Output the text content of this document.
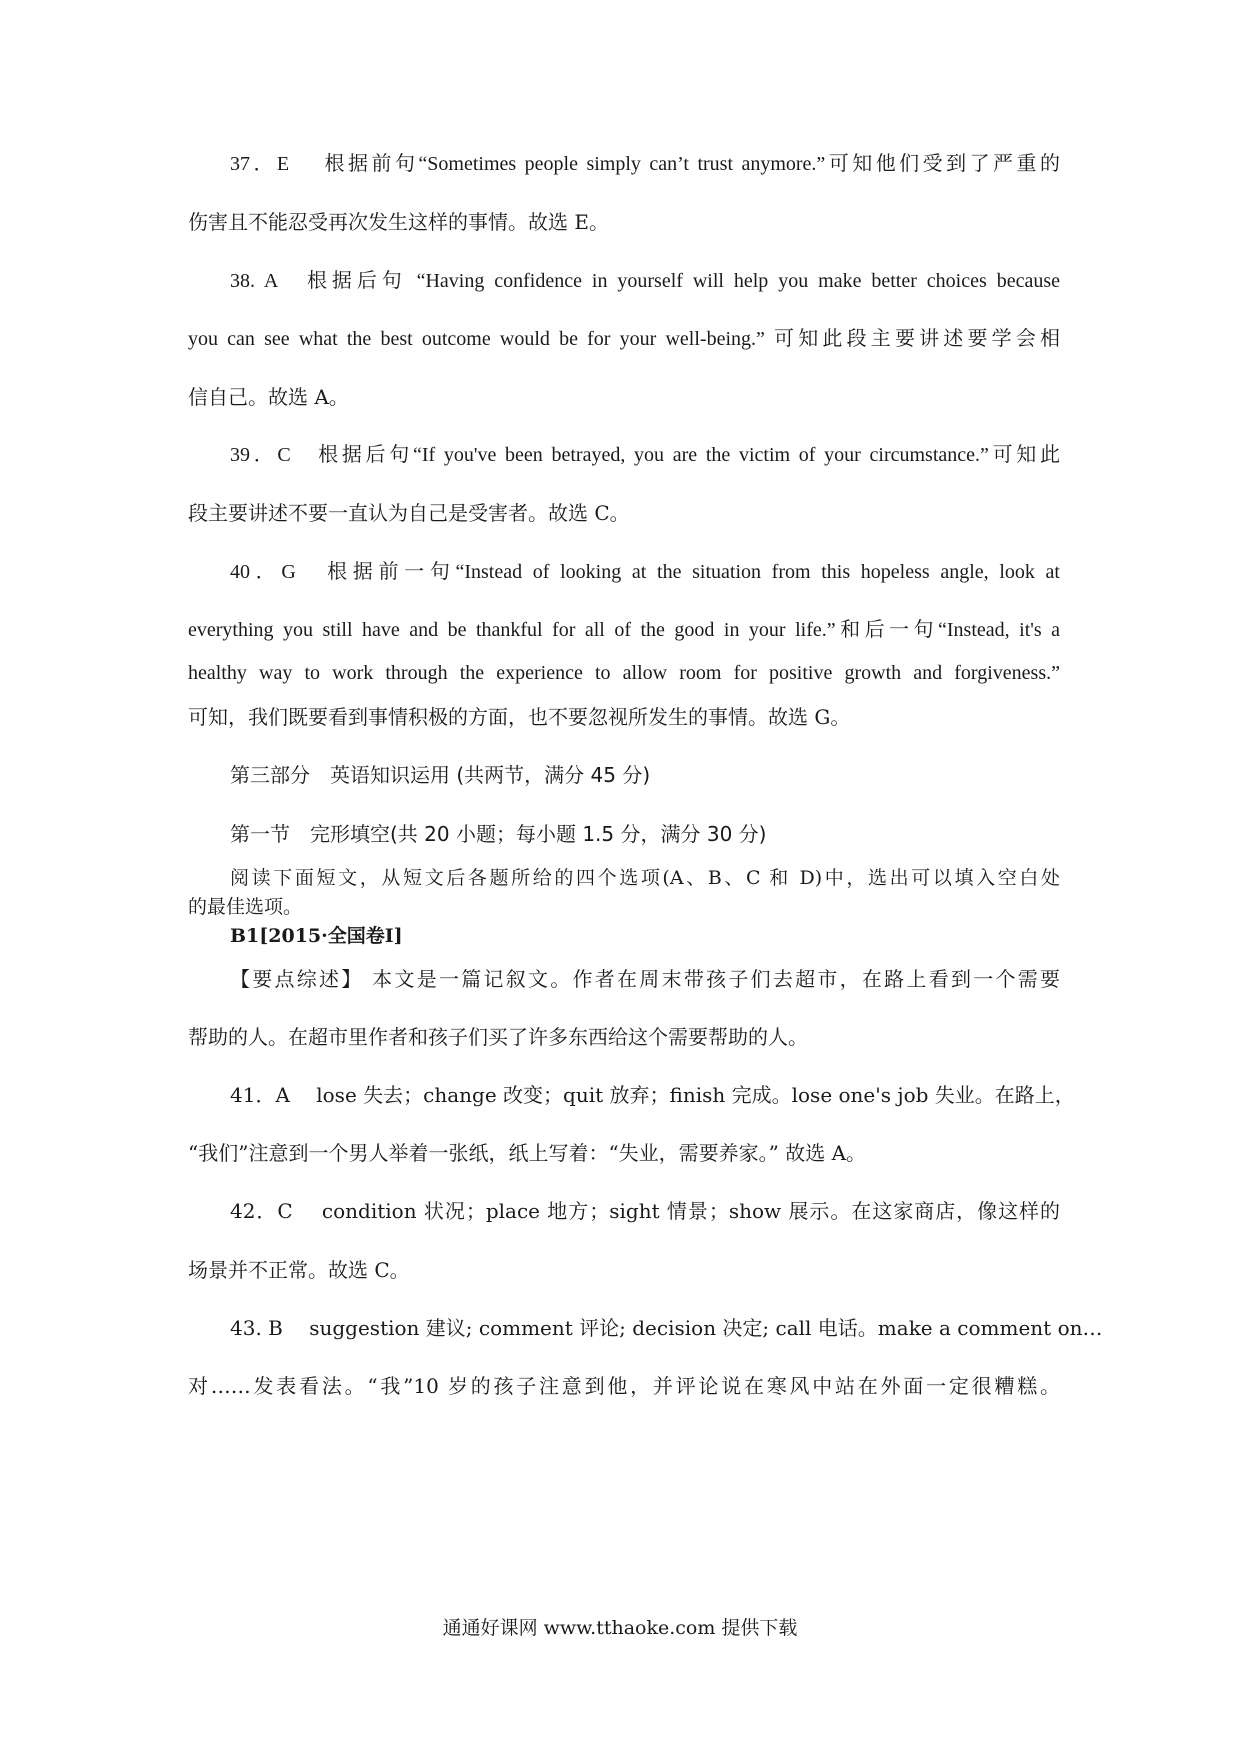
37．E　 根据前句“Sometimes people simply can’t trust anymore.”可知他们受到了严重的
伤害且不能忍受再次发生这样的事情。故选 E。
38. A　根据后句 “Having confidence in yourself will help you make better choices because
you can see what the best outcome would be for your well-being.” 可知此段主要讲述要学会相
信自己。故选 A。
39．C　根据后句“If you've been betrayed, you are the victim of your circumstance.”可知此
段主要讲述不要一直认为自己是受害者。故选 C。
40．G　根据前一句“Instead of looking at the situation from this hopeless angle, look at
everything you still have and be thankful for all of the good in your life.”和后一句“Instead, it's a
healthy way to work through the experience to allow room for positive growth and forgiveness.”
可知，我们既要看到事情积极的方面，也不要忽视所发生的事情。故选 G。
第三部分　英语知识运用 (共两节，满分 45 分)
第一节　完形填空(共 20 小题；每小题 1.5 分，满分 30 分)
阅读下面短文，从短文后各题所给的四个选项(A、B、C 和 D)中，选出可以填入空白处
的最佳选项。
B1[2015·全国卷Ⅰ]
【要点综述】 本文是一篇记叙文。作者在周末带孩子们去超市，在路上看到一个需要
帮助的人。在超市里作者和孩子们买了许多东西给这个需要帮助的人。
41．A　 lose 失去；change 改变；quit 放弃；finish 完成。lose one's job 失业。在路上，
“我们”注意到一个男人举着一张纸，纸上写着：“失业，需要养家。” 故选 A。
42．C　 condition 状况；place 地方；sight 情景；show 展示。在这家商店，像这样的
场景并不正常。故选 C。
43. B　 suggestion 建议; comment 评论; decision 决定; call 电话。make a comment on…
对……发表看法。“我”10 岁的孩子注意到他，并评论说在寒风中站在外面一定很糟糕。
通通好课网 www.tthaoke.com 提供下载
